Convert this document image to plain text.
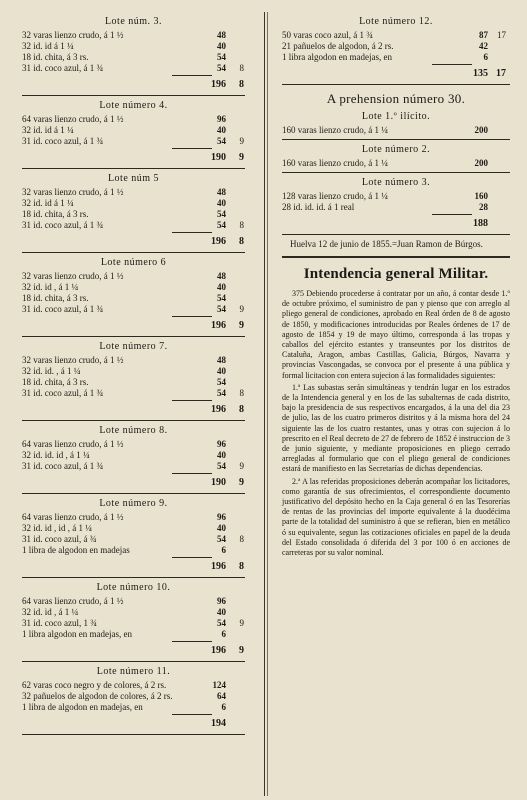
Lote núm. 3.
32 varas lienzo crudo, á 1 ½	48
32 id. id á 1 ¼	40
18 id. chita, á 3 rs.	54
31 id. coco azul, á 1 ¾	54	8
196	8
Lote número 4.
64 varas lienzo crudo, á 1 ½	96
32 id. id á 1 ¼	40
31 id. coco azul, á 1 ¾	54	9
190	9
Lote núm 5
32 varas lienzo crudo, á 1 ½	48
32 id. id á 1 ¼	40
18 id. chita, á 3 rs.	54
31 id. coco azul, á 1 ¾	54	8
196	8
Lote número 6
32 varas lienzo crudo, á 1 ½	48
32 id. id , á 1 ¼	40
18 id. chita, á 3 rs.	54
31 id. coco azul, á 1 ¾	54	9
196	9
Lote número 7.
32 varas lienzo crudo, á 1 ½	48
32 id. id. , á 1 ¼	40
18 id. chita, á 3 rs.	54
31 id. coco azul, á 1 ¾	54	8
196	8
Lote número 8.
64 varas lienzo crudo, á 1 ½	96
32 id. id. id , á 1 ¼	40
31 id. coco azul, á 1 ¾	54	9
190	9
Lote número 9.
64 varas lienzo crudo, á 1 ½	96
32 id. id , id , á 1 ¼	40
31 id. coco azul, á ¾	54	8
1 libra de algodon en madejas	6
196	8
Lote número 10.
64 varas lienzo crudo, á 1 ½	96
32 id. id , á 1 ¼	40
31 id. coco azul, 1 ¾	54	9
1 libra algodon en madejas, en	6
196	9
Lote número 11.
62 varas coco negro y de colores, á 2 rs.	124
32 pañuelos de algodon de colores, á 2 rs.	64
1 libra de algodon en madejas, en	6
194
Lote número 12.
50 varas coco azul, á 1 ¾	87	17
21 pañuelos de algodon, á 2 rs.	42
1 libra algodon en madejas, en	6
135 17
A prehension número 30.
Lote 1.º ilícito.
160 varas lienzo crudo, á 1 ¼	200
Lote número 2.
160 varas lienzo crudo, á 1 ¼	200
Lote número 3.
128 varas lienzo crudo, á 1 ¼	160
28 id. id. id. á 1 real	28
188
Huelva 12 de junio de 1855.=Juan Ramon de Búrgos.
Intendencia general Militar.
375 Debiendo procederse á contratar por un año, á contar desde 1.º de octubre próximo, el suministro de pan y pienso que con arreglo al pliego general de condiciones, aprobado en Real órden de 8 de agosto de 1850, y modificaciones introducidas por Reales órdenes de 17 de agosto de 1854 y 19 de mayo último, corresponda á las tropas y caballos del ejército estantes y transeuntes por los distritos de Cataluña, Aragon, ambas Castillas, Galicia, Búrgos, Navarra y provincias Vascongadas, se convoca por el presente á una pública y formal licitacion con entera sujecion á las formalidades siguientes:
1.ª Las subastas serán simultáneas y tendrán lugar en los estrados de la Intendencia general y en los de las subalternas de cada distrito, bajo la presidencia de sus respectivos encargados, á la una del dia 23 de julio, las de los cuatro primeros distritos y á la misma hora del 24 siguiente las de los cuatro restantes, unas y otras con sujecion á lo prescrito en el Real decreto de 27 de febrero de 1852 é instruccion de 3 de junio siguiente, y mediante proposiciones en pliego cerrado arregladas al formulario que con el pliego general de condiciones estará de manifiesto en las Secretarías de dichas dependencias.
2.ª A las referidas proposiciones deberán acompañar los licitadores, como garantía de sus ofrecimientos, el correspondiente documento justificativo del depósito hecho en la Caja general ó en las Tesorerías de rentas de las provincias del importe equivalente á la duodécima parte de la totalidad del suministro á que se refieran, bien en metálico ó su equivalente, segun las cotizaciones oficiales en papel de la deuda del Estado consolidada ó diferida del 3 por 100 ó en acciones de carreteras por su valor nominal.
